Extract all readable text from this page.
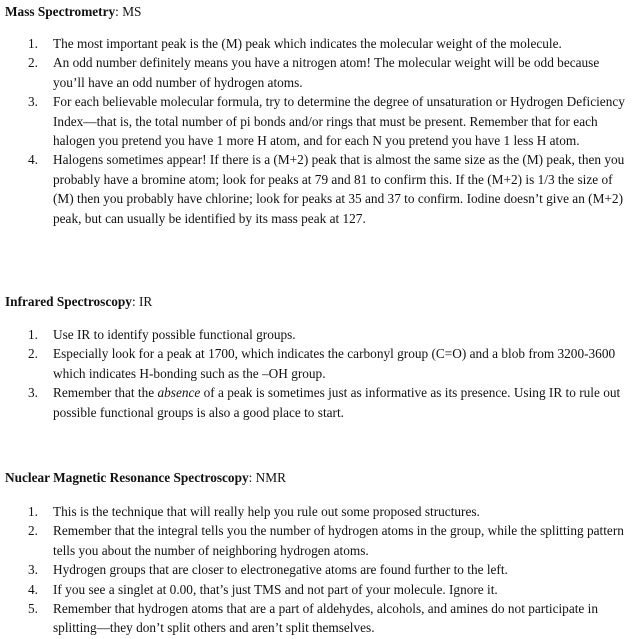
Mass Spectrometry: MS
1. The most important peak is the (M) peak which indicates the molecular weight of the molecule.
2. An odd number definitely means you have a nitrogen atom! The molecular weight will be odd because you’ll have an odd number of hydrogen atoms.
3. For each believable molecular formula, try to determine the degree of unsaturation or Hydrogen Deficiency Index—that is, the total number of pi bonds and/or rings that must be present. Remember that for each halogen you pretend you have 1 more H atom, and for each N you pretend you have 1 less H atom.
4. Halogens sometimes appear! If there is a (M+2) peak that is almost the same size as the (M) peak, then you probably have a bromine atom; look for peaks at 79 and 81 to confirm this. If the (M+2) is 1/3 the size of (M) then you probably have chlorine; look for peaks at 35 and 37 to confirm. Iodine doesn’t give an (M+2) peak, but can usually be identified by its mass peak at 127.
Infrared Spectroscopy: IR
1. Use IR to identify possible functional groups.
2. Especially look for a peak at 1700, which indicates the carbonyl group (C=O) and a blob from 3200-3600 which indicates H-bonding such as the –OH group.
3. Remember that the absence of a peak is sometimes just as informative as its presence. Using IR to rule out possible functional groups is also a good place to start.
Nuclear Magnetic Resonance Spectroscopy: NMR
1. This is the technique that will really help you rule out some proposed structures.
2. Remember that the integral tells you the number of hydrogen atoms in the group, while the splitting pattern tells you about the number of neighboring hydrogen atoms.
3. Hydrogen groups that are closer to electronegative atoms are found further to the left.
4. If you see a singlet at 0.00, that’s just TMS and not part of your molecule. Ignore it.
5. Remember that hydrogen atoms that are a part of aldehydes, alcohols, and amines do not participate in splitting—they don’t split others and aren’t split themselves.
